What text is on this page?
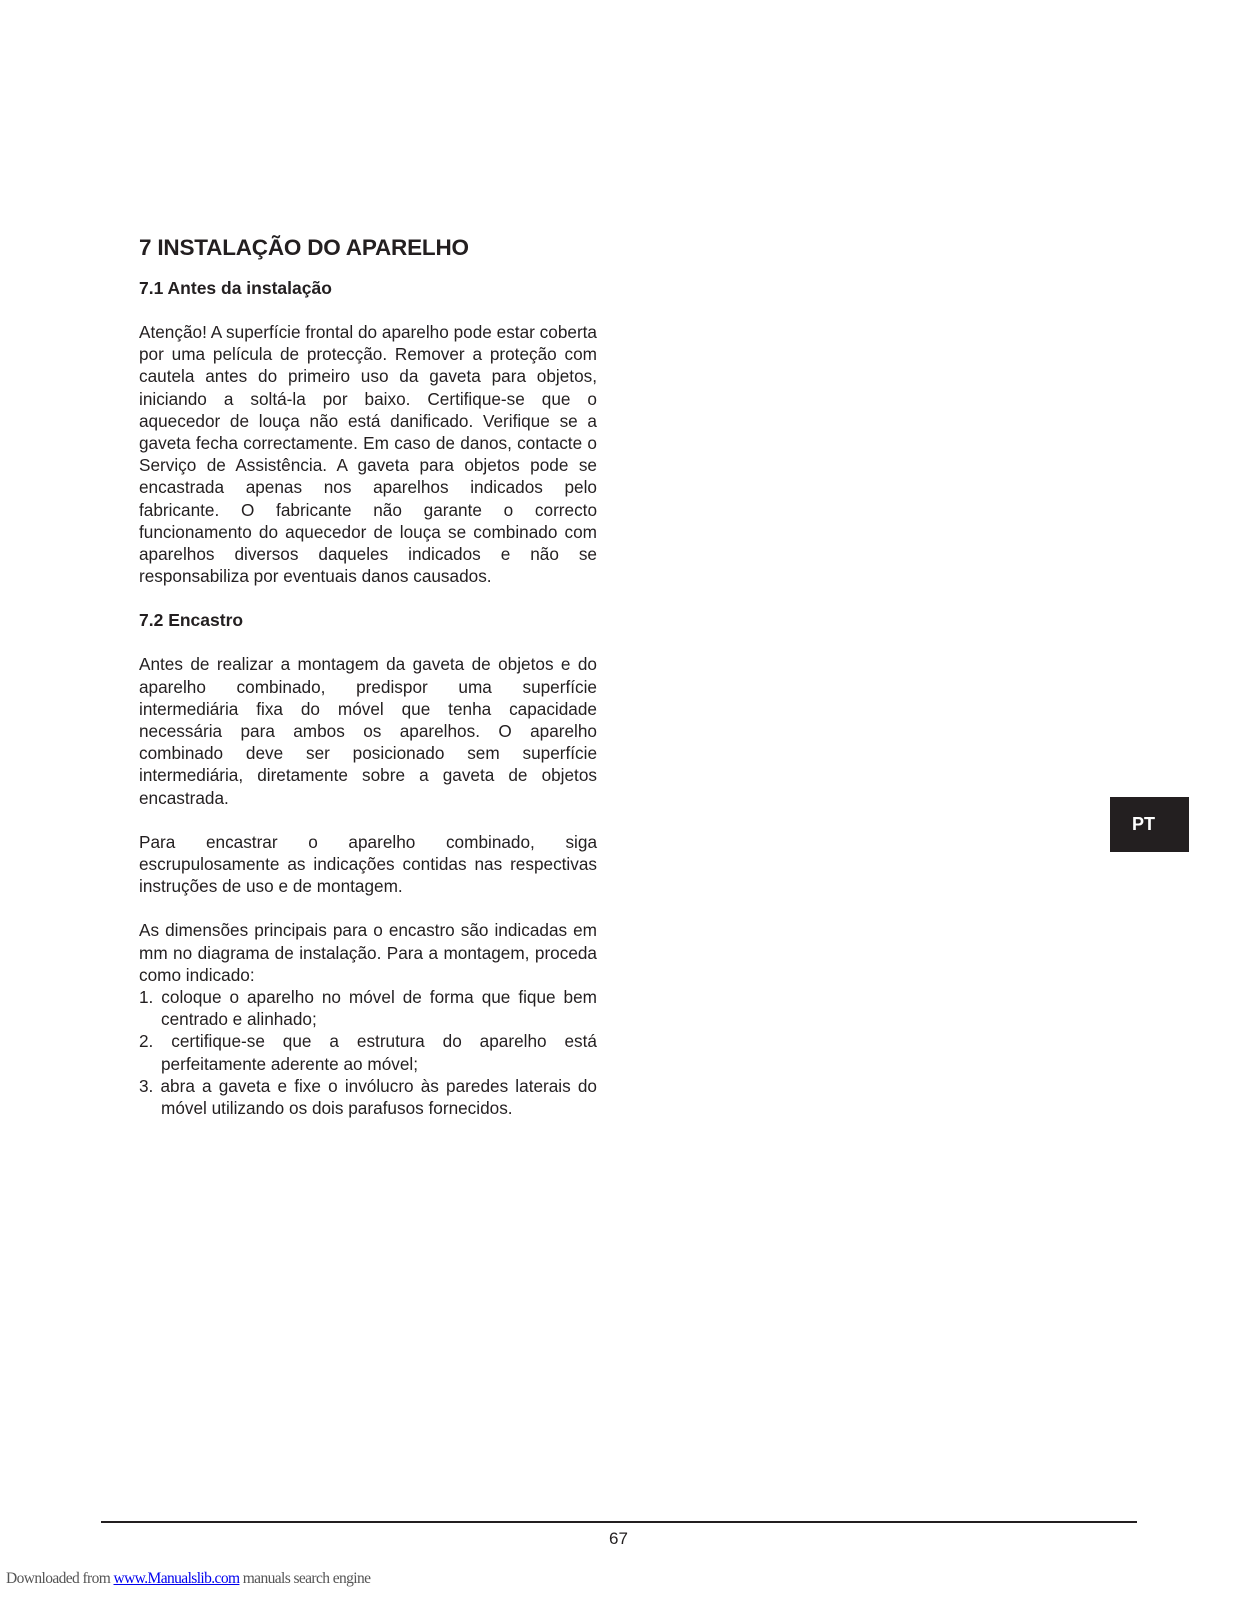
7 INSTALAÇÃO DO APARELHO
7.1 Antes da instalação

Atenção! A superfície frontal do aparelho pode estar coberta por uma película de protecção. Remover a proteção com cautela antes do primeiro uso da gaveta para objetos, iniciando a soltá-la por baixo. Certifique-se que o aquecedor de louça não está danificado. Verifique se a gaveta fecha correctamente. Em caso de danos, contacte o Serviço de Assistência. A gaveta para objetos pode se encastrada apenas nos aparelhos indicados pelo fabricante. O fabricante não garante o correcto funcionamento do aquecedor de louça se combinado com aparelhos diversos daqueles indicados e não se responsabiliza por eventuais danos causados.

7.2 Encastro

Antes de realizar a montagem da gaveta de objetos e do aparelho combinado, predispor uma superfície intermediária fixa do móvel que tenha capacidade necessária para ambos os aparelhos. O aparelho combinado deve ser posicionado sem superfície intermediária, diretamente sobre a gaveta de objetos encastrada.

Para encastrar o aparelho combinado, siga escrupulosamente as indicações contidas nas respectivas instruções de uso e de montagem.

As dimensões principais para o encastro são indicadas em mm no diagrama de instalação. Para a montagem, proceda como indicado:

1. coloque o aparelho no móvel de forma que fique bem centrado e alinhado;
2. certifique-se que a estrutura do aparelho está perfeitamente aderente ao móvel;
3. abra a gaveta e fixe o invólucro às paredes laterais do móvel utilizando os dois parafusos fornecidos.
PT
67
Downloaded from www.Manualslib.com manuals search engine
